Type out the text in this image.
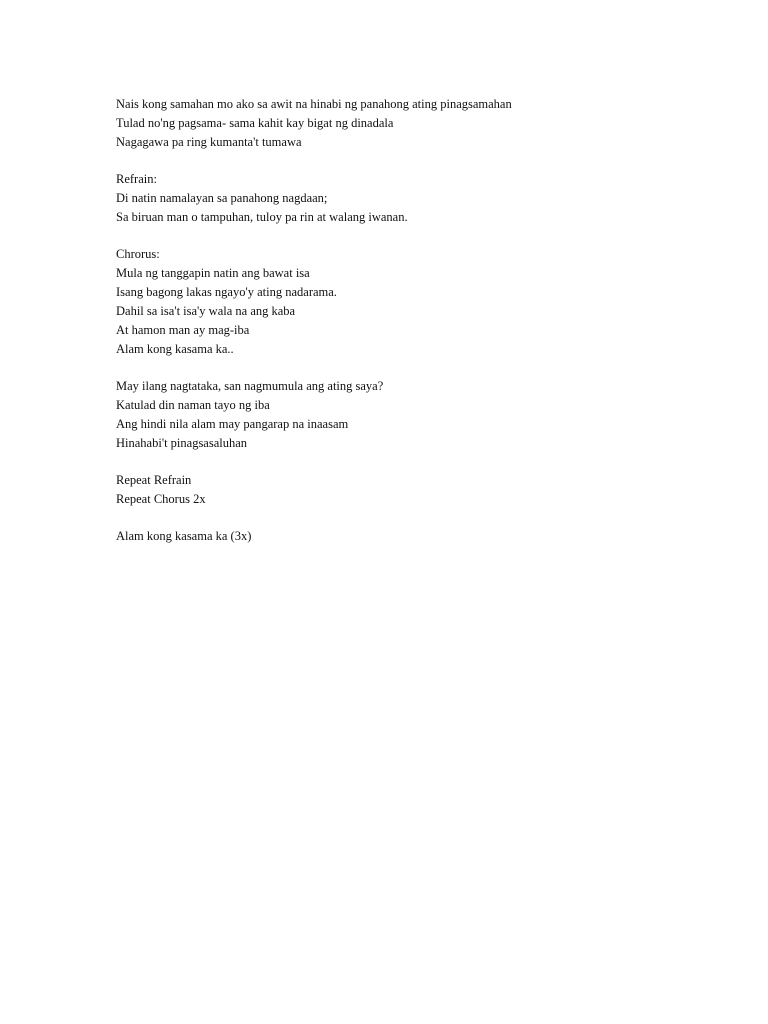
Nais kong samahan mo ako sa awit na hinabi ng panahong ating pinagsamahan
Tulad no'ng pagsama- sama kahit kay bigat ng dinadala
Nagagawa pa ring kumanta't tumawa
Refrain:
Di natin namalayan sa panahong nagdaan;
Sa biruan man o tampuhan, tuloy pa rin at walang iwanan.
Chrorus:
Mula ng tanggapin natin ang bawat isa
Isang bagong lakas ngayo'y ating nadarama.
Dahil sa isa't isa'y wala na ang kaba
At hamon man ay mag-iba
Alam kong kasama ka..
May ilang nagtataka, san nagmumula ang ating saya?
Katulad din naman tayo ng iba
Ang hindi nila alam may pangarap na inaasam
Hinahabi't pinagsasaluhan
Repeat Refrain
Repeat Chorus 2x
Alam kong kasama ka (3x)
